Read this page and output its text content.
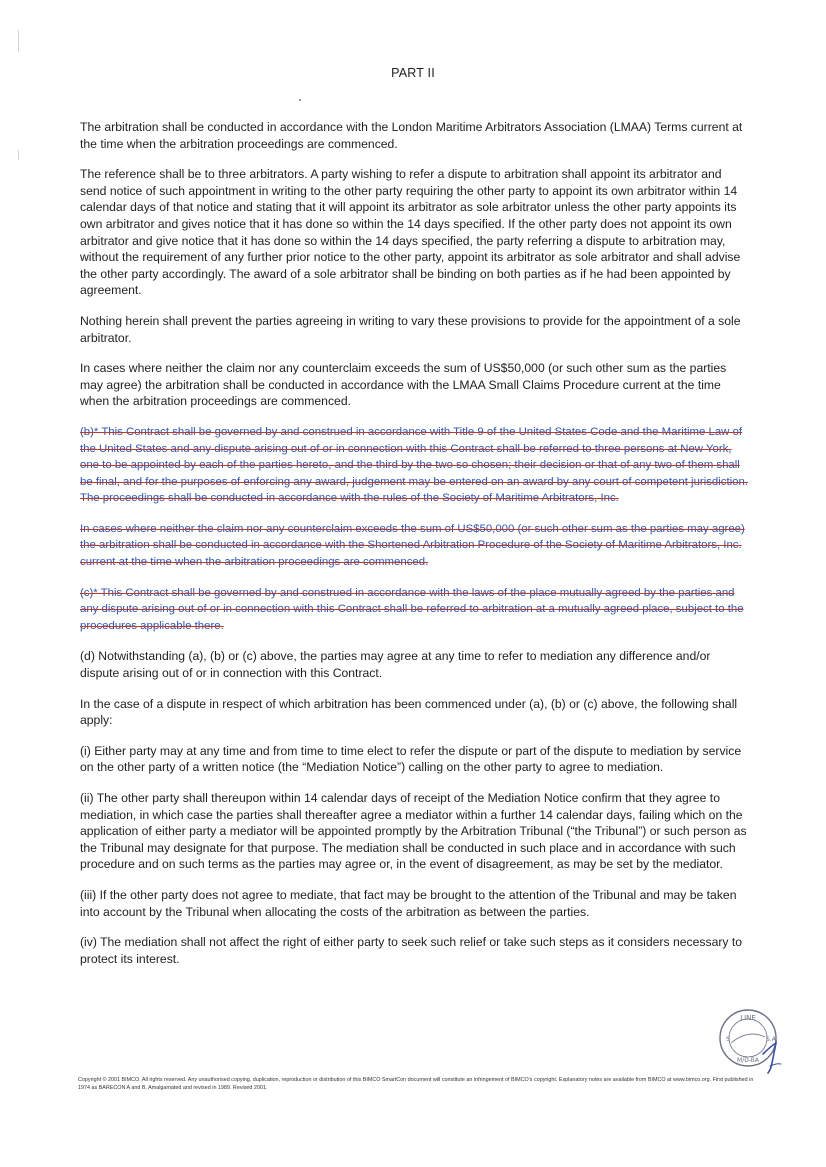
PART II

The arbitration shall be conducted in accordance with the London Maritime Arbitrators Association (LMAA) Terms current at the time when the arbitration proceedings are commenced.

The reference shall be to three arbitrators. A party wishing to refer a dispute to arbitration shall appoint its arbitrator and send notice of such appointment in writing to the other party requiring the other party to appoint its own arbitrator within 14 calendar days of that notice and stating that it will appoint its arbitrator as sole arbitrator unless the other party appoints its own arbitrator and gives notice that it has done so within the 14 days specified. If the other party does not appoint its own arbitrator and give notice that it has done so within the 14 days specified, the party referring a dispute to arbitration may, without the requirement of any further prior notice to the other party, appoint its arbitrator as sole arbitrator and shall advise the other party accordingly. The award of a sole arbitrator shall be binding on both parties as if he had been appointed by agreement.

Nothing herein shall prevent the parties agreeing in writing to vary these provisions to provide for the appointment of a sole arbitrator.

In cases where neither the claim nor any counterclaim exceeds the sum of US$50,000 (or such other sum as the parties may agree) the arbitration shall be conducted in accordance with the LMAA Small Claims Procedure current at the time when the arbitration proceedings are commenced.

(b)* This Contract shall be governed by and construed in accordance with Title 9 of the United States Code and the Maritime Law of the United States and any dispute arising out of or in connection with this Contract shall be referred to three persons at New York, one to be appointed by each of the parties hereto, and the third by the two so chosen; their decision or that of any two of them shall be final, and for the purposes of enforcing any award, judgement may be entered on an award by any court of competent jurisdiction. The proceedings shall be conducted in accordance with the rules of the Society of Maritime Arbitrators, Inc.

In cases where neither the claim nor any counterclaim exceeds the sum of US$50,000 (or such other sum as the parties may agree) the arbitration shall be conducted in accordance with the Shortened Arbitration Procedure of the Society of Maritime Arbitrators, Inc. current at the time when the arbitration proceedings are commenced.

(c)* This Contract shall be governed by and construed in accordance with the laws of the place mutually agreed by the parties and any dispute arising out of or in connection with this Contract shall be referred to arbitration at a mutually agreed place, subject to the procedures applicable there.

(d) Notwithstanding (a), (b) or (c) above, the parties may agree at any time to refer to mediation any difference and/or dispute arising out of or in connection with this Contract.

In the case of a dispute in respect of which arbitration has been commenced under (a), (b) or (c) above, the following shall apply:

(i) Either party may at any time and from time to time elect to refer the dispute or part of the dispute to mediation by service on the other party of a written notice (the “Mediation Notice”) calling on the other party to agree to mediation.

(ii) The other party shall thereupon within 14 calendar days of receipt of the Mediation Notice confirm that they agree to mediation, in which case the parties shall thereafter agree a mediator within a further 14 calendar days, failing which on the application of either party a mediator will be appointed promptly by the Arbitration Tribunal (“the Tribunal”) or such person as the Tribunal may designate for that purpose. The mediation shall be conducted in such place and in accordance with such procedure and on such terms as the parties may agree or, in the event of disagreement, as may be set by the mediator.

(iii) If the other party does not agree to mediate, that fact may be brought to the attention of the Tribunal and may be taken into account by the Tribunal when allocating the costs of the arbitration as between the parties.

(iv) The mediation shall not affect the right of either party to seek such relief or take such steps as it considers necessary to protect its interest.

LINE
M/D-BA
S	S.A.
Copyright © 2001 BIMCO. All rights reserved. Any unauthorised copying, duplication, reproduction or distribution of this BIMCO SmartCon document will constitute an infringement of BIMCO’s copyright. Explanatory notes are available from BIMCO at www.bimco.org. First published in 1974 as BARECON A and B. Amalgamated and revised in 1989. Revised 2001.
